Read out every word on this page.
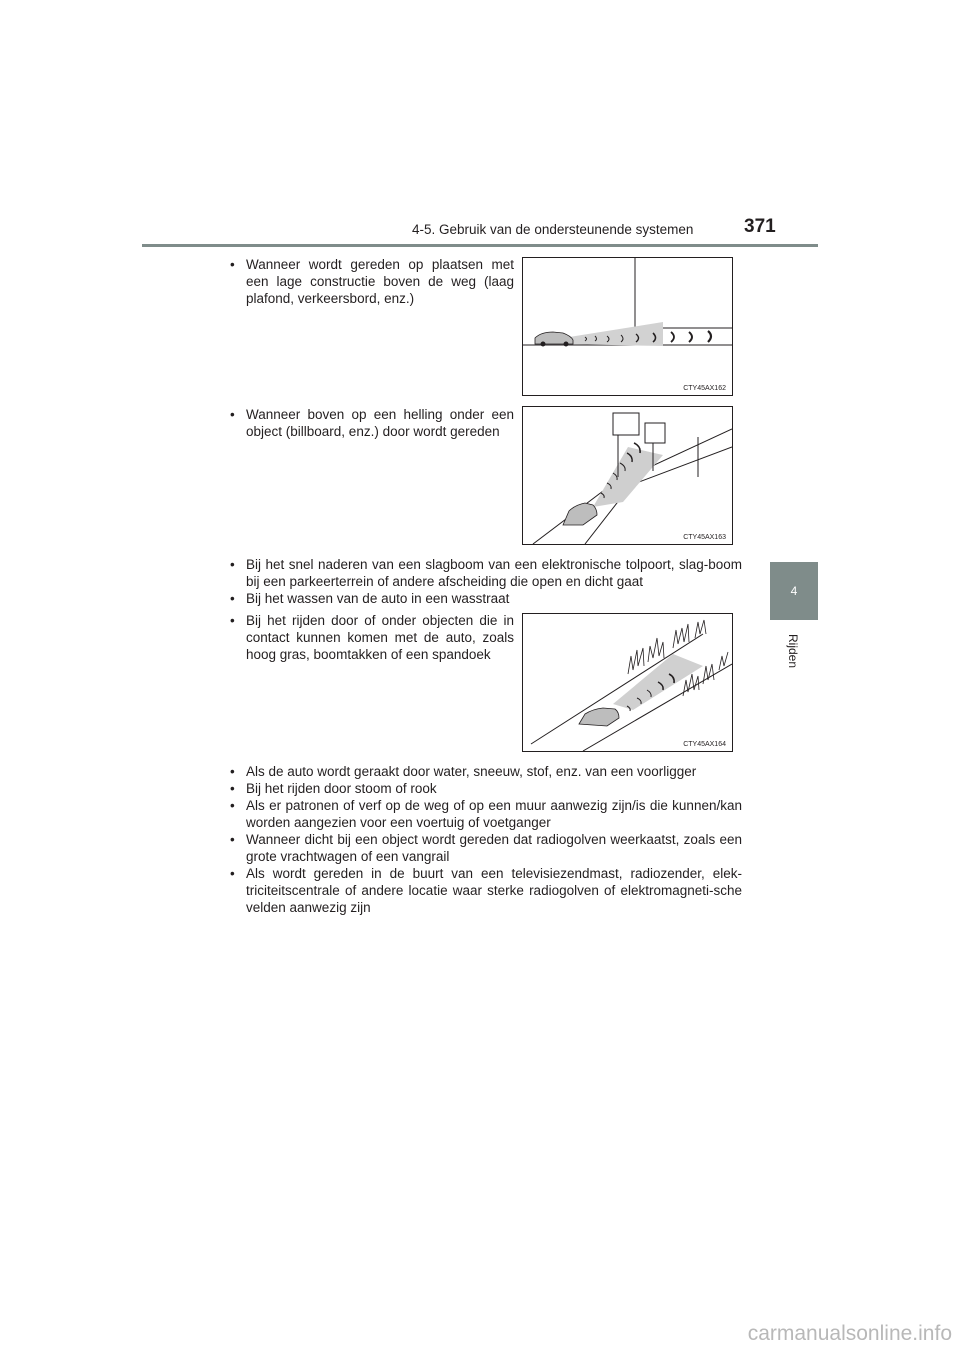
4-5. Gebruik van de ondersteunende systemen	371
4
Rijden
• Wanneer wordt gereden op plaatsen met een lage constructie boven de weg (laag plafond, verkeersbord, enz.)
CTY45AX162
• Wanneer boven op een helling onder een object (billboard, enz.) door wordt gereden
CTY45AX163
• Bij het snel naderen van een slagboom van een elektronische tolpoort, slag-boom bij een parkeerterrein of andere afscheiding die open en dicht gaat
• Bij het wassen van de auto in een wasstraat
• Bij het rijden door of onder objecten die in contact kunnen komen met de auto, zoals hoog gras, boomtakken of een spandoek
CTY45AX164
• Als de auto wordt geraakt door water, sneeuw, stof, enz. van een voorligger
• Bij het rijden door stoom of rook
• Als er patronen of verf op de weg of op een muur aanwezig zijn/is die kunnen/kan worden aangezien voor een voertuig of voetganger
• Wanneer dicht bij een object wordt gereden dat radiogolven weerkaatst, zoals een grote vrachtwagen of een vangrail
• Als wordt gereden in de buurt van een televisiezendmast, radiozender, elek-triciteitscentrale of andere locatie waar sterke radiogolven of elektromagneti-sche velden aanwezig zijn
carmanualsonline.info
